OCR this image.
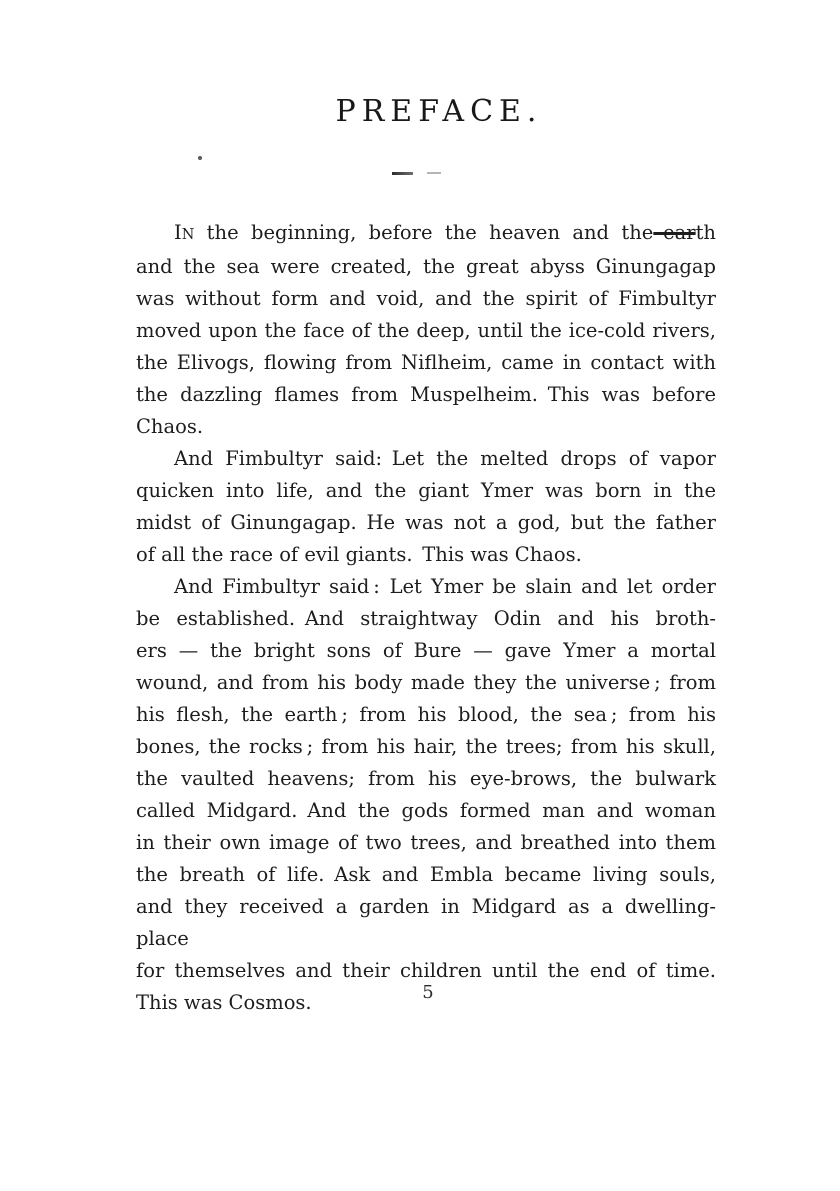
PREFACE.

IN the beginning, before the heaven and the–earth
and the sea were created, the great abyss Ginungagap
was without form and void, and the spirit of Fimbultyr
moved upon the face of the deep, until the ice-cold rivers,
the Elivogs, flowing from Niflheim, came in contact with
the dazzling flames from Muspelheim. This was before
Chaos.
And Fimbultyr said: Let the melted drops of vapor
quicken into life, and the giant Ymer was born in the
midst of Ginungagap. He was not a god, but the father
of all the race of evil giants. This was Chaos.
And Fimbultyr said : Let Ymer be slain and let order
be established. And straightway Odin and his broth-
ers — the bright sons of Bure — gave Ymer a mortal
wound, and from his body made they the universe ; from
his flesh, the earth ; from his blood, the sea ; from his
bones, the rocks ; from his hair, the trees; from his skull,
the vaulted heavens; from his eye-brows, the bulwark
called Midgard. And the gods formed man and woman
in their own image of two trees, and breathed into them
the breath of life. Ask and Embla became living souls,
and they received a garden in Midgard as a dwelling-place
for themselves and their children until the end of time.
This was Cosmos.	5
